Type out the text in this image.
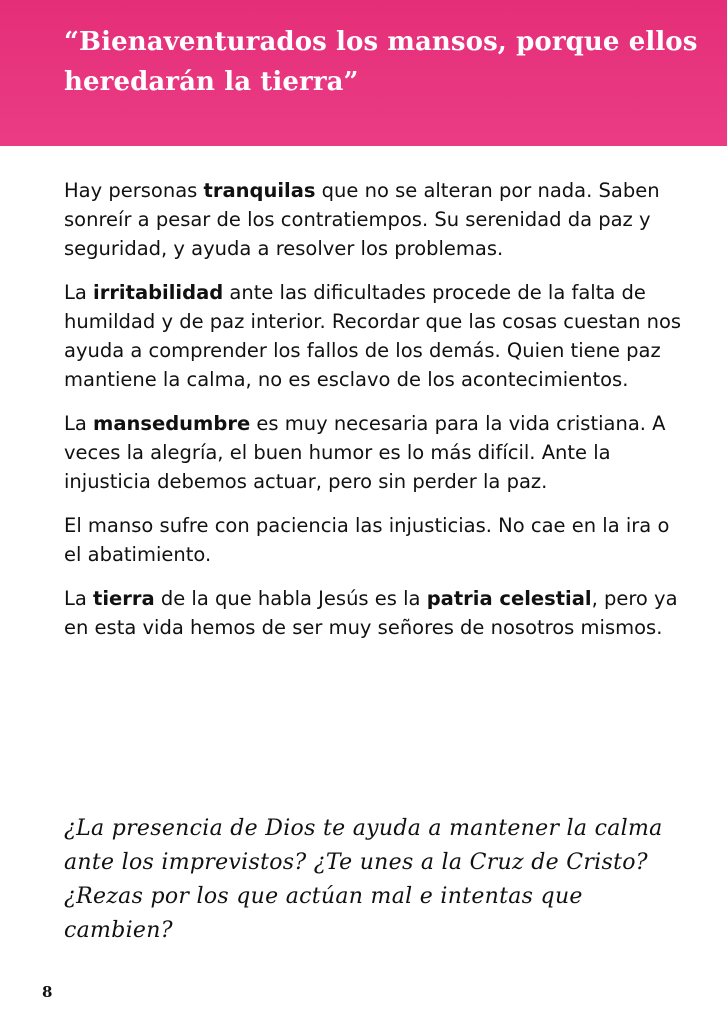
“Bienaventurados los mansos, porque ellos heredarán la tierra”

Hay personas tranquilas que no se alteran por nada. Saben sonreír a pesar de los contratiempos. Su serenidad da paz y seguridad, y ayuda a resolver los problemas.

La irritabilidad ante las dificultades procede de la falta de humildad y de paz interior. Recordar que las cosas cuestan nos ayuda a comprender los fallos de los demás. Quien tiene paz mantiene la calma, no es esclavo de los acontecimientos.

La mansedumbre es muy necesaria para la vida cristiana. A veces la alegría, el buen humor es lo más difícil. Ante la injusticia debemos actuar, pero sin perder la paz.

El manso sufre con paciencia las injusticias. No cae en la ira o el abatimiento.

La tierra de la que habla Jesús es la patria celestial, pero ya en esta vida hemos de ser muy señores de nosotros mismos.

¿La presencia de Dios te ayuda a mantener la calma ante los imprevistos? ¿Te unes a la Cruz de Cristo? ¿Rezas por los que actúan mal e intentas que cambien?

8
